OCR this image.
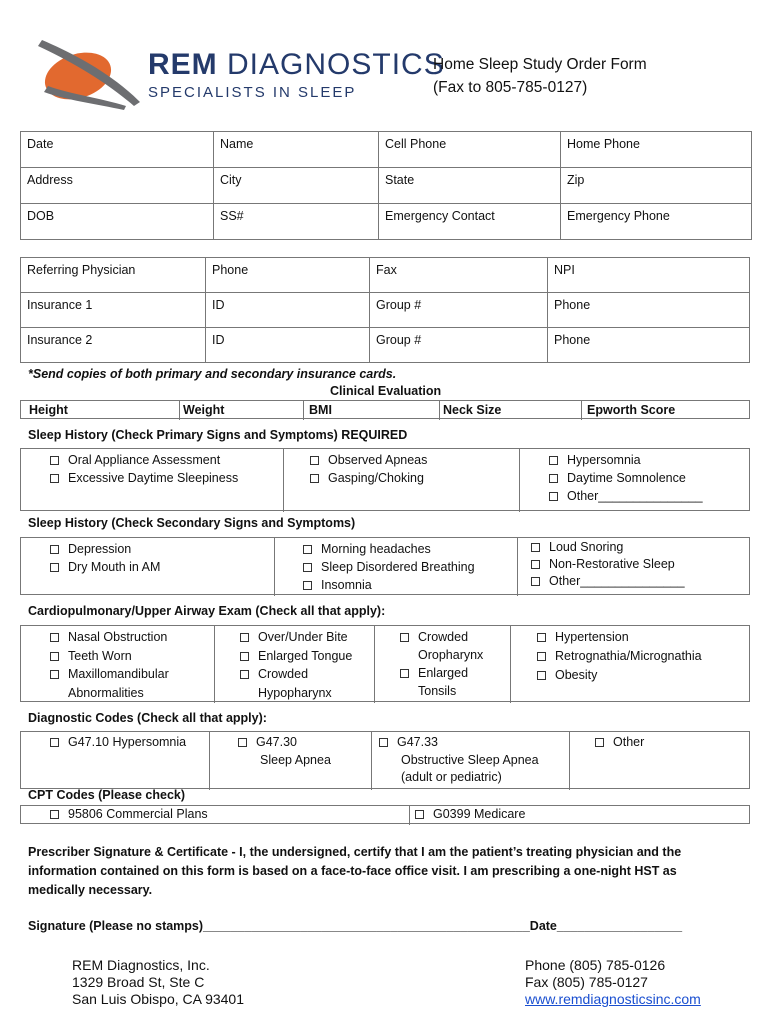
REM DIAGNOSTICS
SPECIALISTS IN SLEEP
Home Sleep Study Order Form
(Fax to 805-785-0127)
Date	Name	Cell Phone	Home Phone
Address	City	State	Zip
DOB	SS#	Emergency Contact	Emergency Phone
Referring Physician	Phone	Fax	NPI
Insurance 1	ID	Group #	Phone
Insurance 2	ID	Group #	Phone
*Send copies of both primary and secondary insurance cards.
Clinical Evaluation
Height	Weight	BMI	Neck Size	Epworth Score
Sleep History (Check Primary Signs and Symptoms) REQUIRED
Oral Appliance Assessment
Excessive Daytime Sleepiness
Observed Apneas
Gasping/Choking
Hypersomnia
Daytime Somnolence
Other_______________
Sleep History (Check Secondary Signs and Symptoms)
Depression
Dry Mouth in AM
Morning headaches
Sleep Disordered Breathing
Insomnia
Loud Snoring
Non-Restorative Sleep
Other_______________
Cardiopulmonary/Upper Airway Exam (Check all that apply):
Nasal Obstruction
Teeth Worn
Maxillomandibular
Abnormalities
Over/Under Bite
Enlarged Tongue
Crowded
Hypopharynx
Crowded
Oropharynx
Enlarged
Tonsils
Hypertension
Retrognathia/Micrognathia
Obesity
Diagnostic Codes (Check all that apply):
G47.10 Hypersomnia	G47.30
Sleep Apnea
G47.33
Obstructive Sleep Apnea
(adult or pediatric)
Other
CPT Codes (Please check)
95806 Commercial Plans	G0399 Medicare
Prescriber Signature & Certificate - I, the undersigned, certify that I am the patient’s treating physician and the information contained on this form is based on a face-to-face office visit. I am prescribing a one-night HST as medically necessary.
Signature (Please no stamps)_______________________________________________Date__________________
REM Diagnostics, Inc.
1329 Broad St, Ste C
San Luis Obispo, CA 93401
Phone (805) 785-0126
Fax (805) 785-0127
www.remdiagnosticsinc.com
